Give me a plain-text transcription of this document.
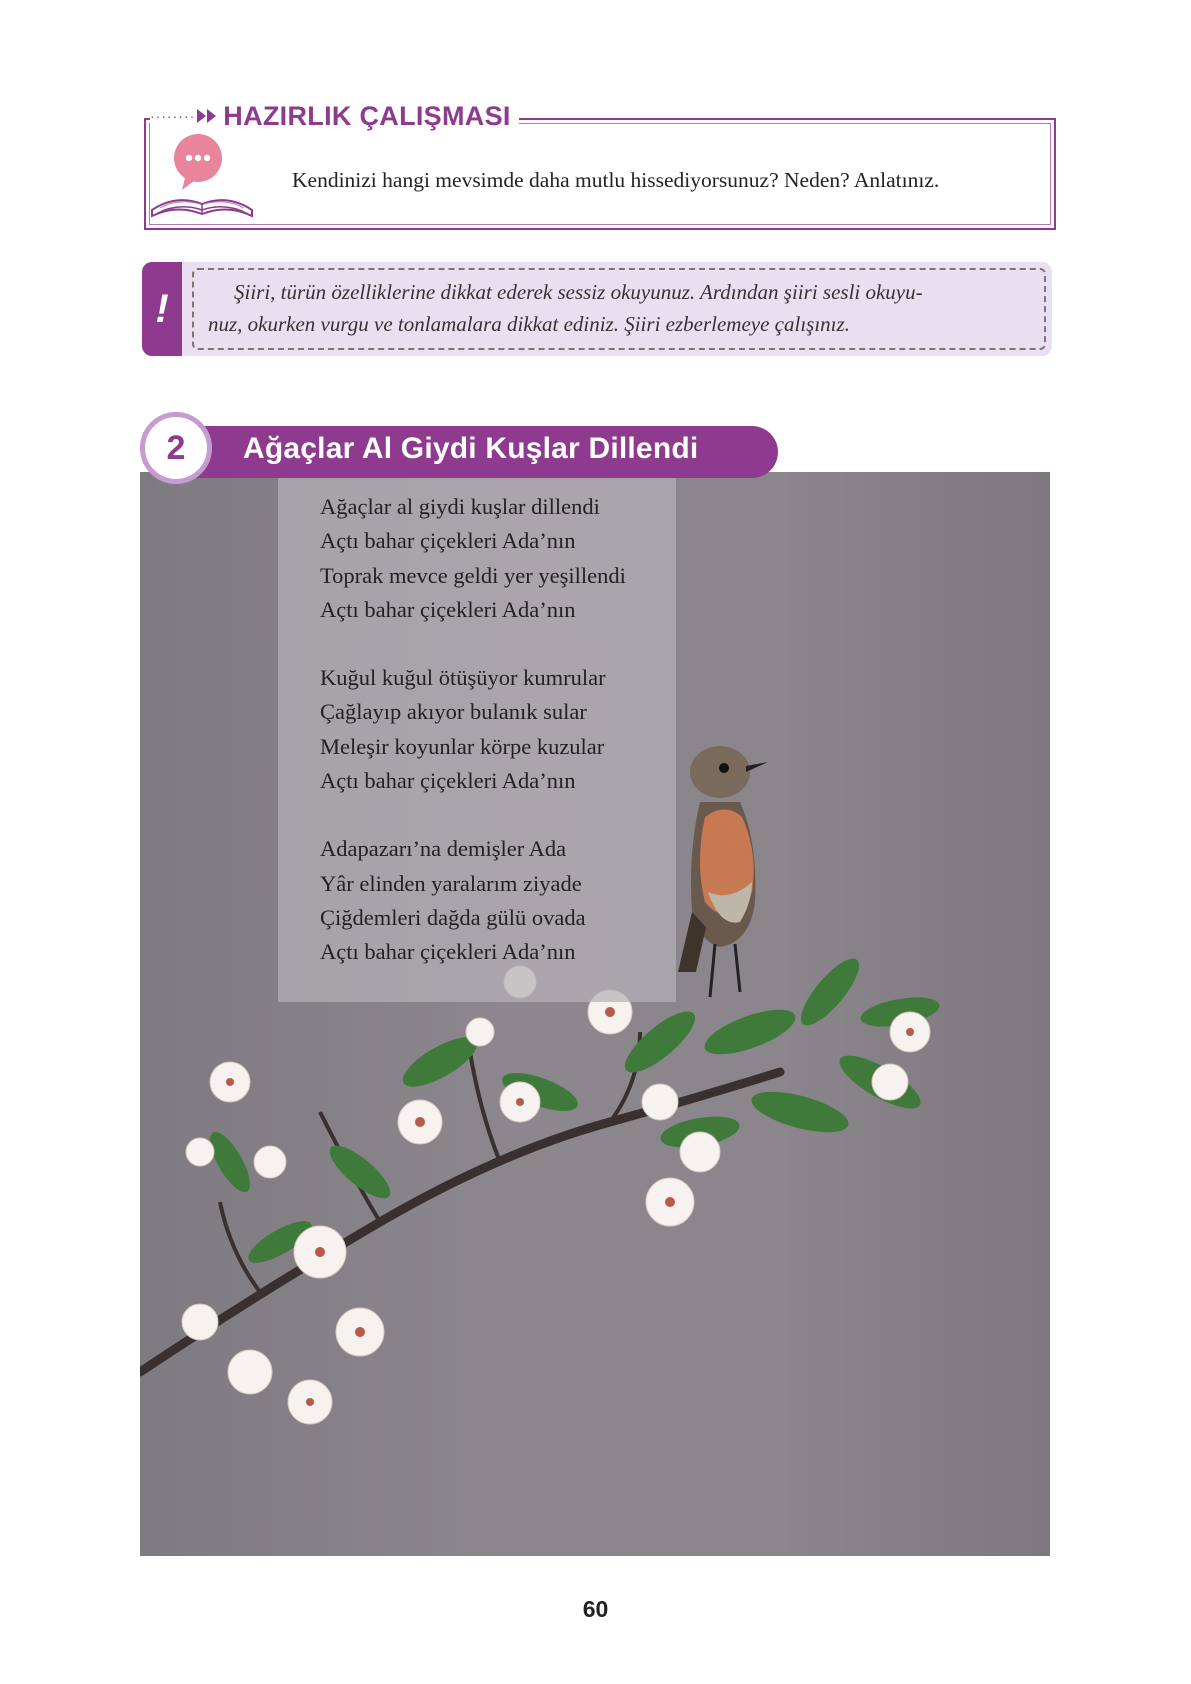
········ HAZIRLIK ÇALIŞMASI
Kendinizi hangi mevsimde daha mutlu hissediyorsunuz? Neden? Anlatınız.
!	Şiiri, türün özelliklerine dikkat ederek sessiz okuyunuz. Ardından şiiri sesli okuyu-
nuz, okurken vurgu ve tonlamalara dikkat ediniz. Şiiri ezberlemeye çalışınız.
Ağaçlar Al Giydi Kuşlar Dillendi
2
Ağaçlar al giydi kuşlar dillendi
Açtı bahar çiçekleri Ada’nın
Toprak mevce geldi yer yeşillendi
Açtı bahar çiçekleri Ada’nın
Kuğul kuğul ötüşüyor kumrular
Çağlayıp akıyor bulanık sular
Meleşir koyunlar körpe kuzular
Açtı bahar çiçekleri Ada’nın
Adapazarı’na demişler Ada
Yâr elinden yaralarım ziyade
Çiğdemleri dağda gülü ovada
Açtı bahar çiçekleri Ada’nın
60
